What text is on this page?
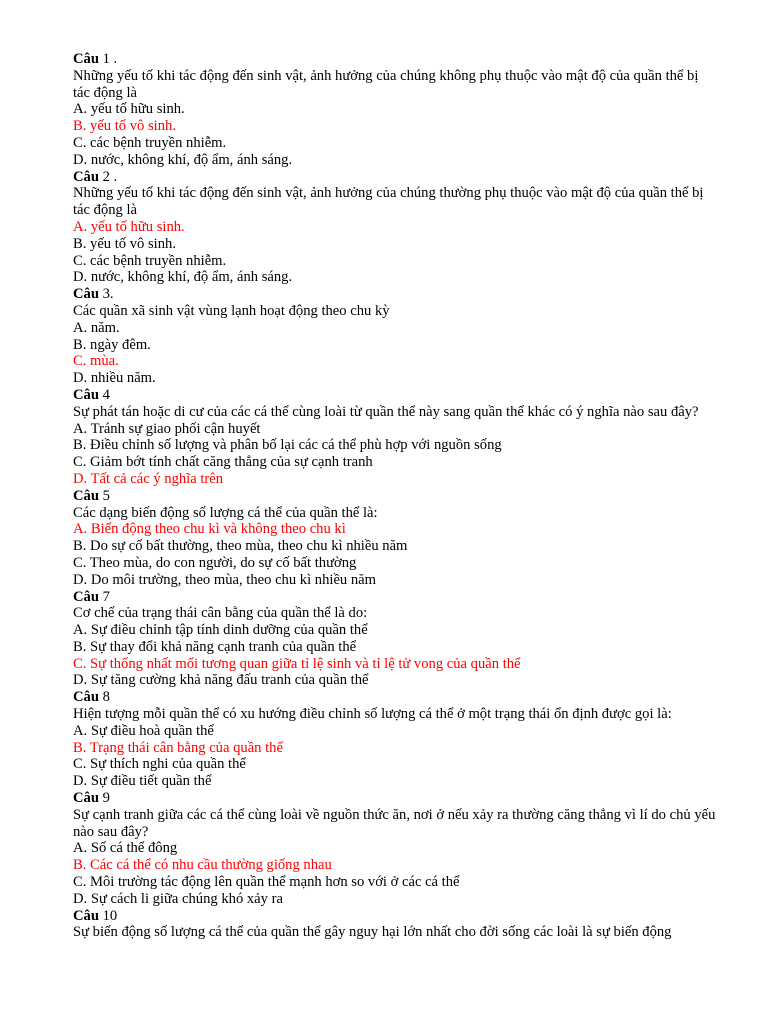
Câu 1 .
Những yếu tố khi tác động đến sinh vật, ảnh hưởng của chúng không phụ thuộc vào mật độ của quần thể bị tác động là
A. yếu tố hữu sinh.
B. yếu tố vô sinh.
C. các bệnh truyền nhiễm.
D. nước, không khí, độ ẩm, ánh sáng.
Câu 2 .
Những yếu tố khi tác động đến sinh vật, ảnh hưởng của chúng thường phụ thuộc vào mật độ của quần thể bị tác động là
A. yếu tố hữu sinh.
B. yếu tố vô sinh.
C. các bệnh truyền nhiễm.
D. nước, không khí, độ ẩm, ánh sáng.
Câu 3.
Các quần xã sinh vật vùng lạnh hoạt động theo chu kỳ
A. năm.
B. ngày đêm.
C. mùa.
D. nhiều năm.
Câu 4
Sự phát tán hoặc di cư của các cá thể cùng loài từ quần thể này sang quần thể khác có ý nghĩa nào sau đây?
A. Tránh sự giao phối cận huyết
B. Điều chỉnh số lượng và phân bố lại các cá thể phù hợp với nguồn sống
C. Giảm bớt tính chất căng thẳng của sự cạnh tranh
D. Tất cả các ý nghĩa trên
Câu 5
Các dạng biến động số lượng cá thể của quần thể là:
A. Biến động theo chu kì và không theo chu kì
B. Do sự cố bất thường, theo mùa, theo chu kì nhiều năm
C. Theo mùa, do con người, do sự cố bất thường
D. Do môi trường, theo mùa, theo chu kì nhiều năm
Câu 7
Cơ chế của trạng thái cân bằng của quần thể là do:
A. Sự điều chỉnh tập tính dinh dưỡng của quần thể
B. Sự thay đổi khả năng cạnh tranh của quần thể
C. Sự thống nhất mối tương quan giữa tỉ lệ sinh và tỉ lệ tử vong của quần thể
D. Sự tăng cường khả năng đấu tranh của quần thể
Câu 8
Hiện tượng mỗi quần thể có xu hướng điều chỉnh số lượng cá thể ở một trạng thái ổn định được gọi là:
A. Sự điều hoà quần thể
B. Trạng thái cân bằng của quần thể
C. Sự thích nghi của quần thể
D. Sự điều tiết quần thể
Câu 9
Sự cạnh tranh giữa các cá thể cùng loài về nguồn thức ăn, nơi ở nếu xảy ra thường căng thẳng vì lí do chủ yếu nào sau đây?
A. Số cá thể đông
B. Các cá thể có nhu cầu thường giống nhau
C. Môi trường tác động lên quần thể mạnh hơn so với ở các cá thể
D. Sự cách li giữa chúng khó xảy ra
Câu 10
Sự biến động số lượng cá thể của quần thể gây nguy hại lớn nhất cho đời sống các loài là sự biến động
